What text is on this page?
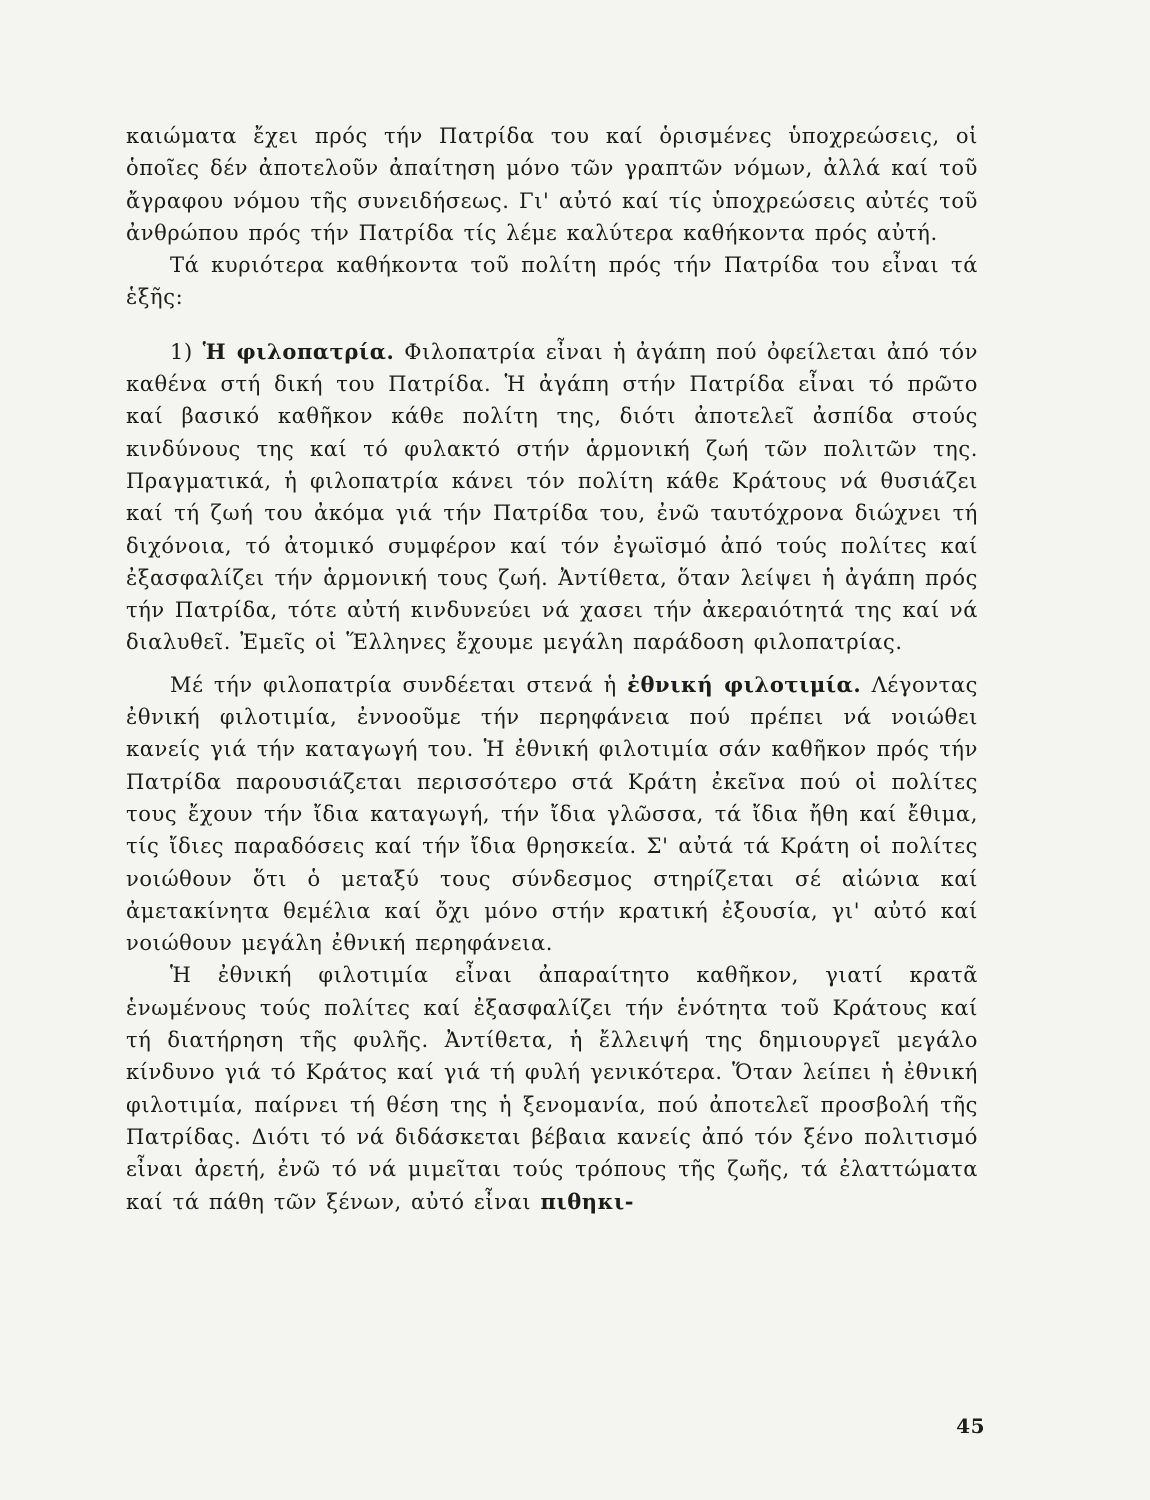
καιώματα ἔχει πρός τήν Πατρίδα του καί ὁρισμένες ὑποχρεώσεις, οἱ ὁποῖες δέν ἀποτελοῦν ἀπαίτηση μόνο τῶν γραπτῶν νόμων, ἀλλά καί τοῦ ἄγραφου νόμου τῆς συνειδήσεως. Γι' αὐτό καί τίς ὑποχρεώσεις αὐτές τοῦ ἀνθρώπου πρός τήν Πατρίδα τίς λέμε καλύτερα καθήκοντα πρός αὐτή.

Τά κυριότερα καθήκοντα τοῦ πολίτη πρός τήν Πατρίδα του εἶναι τά ἑξῆς:

1) Ἡ φιλοπατρία. Φιλοπατρία εἶναι ἡ ἀγάπη πού ὀφείλεται ἀπό τόν καθένα στή δική του Πατρίδα. Ἡ ἀγάπη στήν Πατρίδα εἶναι τό πρῶτο καί βασικό καθῆκον κάθε πολίτη της, διότι ἀποτελεῖ ἀσπίδα στούς κινδύνους της καί τό φυλακτό στήν ἁρμονική ζωή τῶν πολιτῶν της. Πραγματικά, ἡ φιλοπατρία κάνει τόν πολίτη κάθε Κράτους νά θυσιάζει καί τή ζωή του ἀκόμα γιά τήν Πατρίδα του, ἐνῶ ταυτόχρονα διώχνει τή διχόνοια, τό ἀτομικό συμφέρον καί τόν ἐγωϊσμό ἀπό τούς πολίτες καί ἐξασφαλίζει τήν ἁρμονική τους ζωή. Ἀντίθετα, ὅταν λείψει ἡ ἀγάπη πρός τήν Πατρίδα, τότε αὐτή κινδυνεύει νά χασει τήν ἀκεραιότητά της καί νά διαλυθεῖ. Ἐμεῖς οἱ Ἕλληνες ἔχουμε μεγάλη παράδοση φιλοπατρίας.

Μέ τήν φιλοπατρία συνδέεται στενά ἡ ἐθνική φιλοτιμία. Λέγοντας ἐθνική φιλοτιμία, ἐννοοῦμε τήν περηφάνεια πού πρέπει νά νοιώθει κανείς γιά τήν καταγωγή του. Ἡ ἐθνική φιλοτιμία σάν καθῆκον πρός τήν Πατρίδα παρουσιάζεται περισσότερο στά Κράτη ἐκεῖνα πού οἱ πολίτες τους ἔχουν τήν ἴδια καταγωγή, τήν ἴδια γλῶσσα, τά ἴδια ἤθη καί ἔθιμα, τίς ἴδιες παραδόσεις καί τήν ἴδια θρησκεία. Σ' αὐτά τά Κράτη οἱ πολίτες νοιώθουν ὅτι ὁ μεταξύ τους σύνδεσμος στηρίζεται σέ αἰώνια καί ἀμετακίνητα θεμέλια καί ὄχι μόνο στήν κρατική ἐξουσία, γι' αὐτό καί νοιώθουν μεγάλη ἐθνική περηφάνεια.

Ἡ ἐθνική φιλοτιμία εἶναι ἀπαραίτητο καθῆκον, γιατί κρατᾶ ἑνωμένους τούς πολίτες καί ἐξασφαλίζει τήν ἑνότητα τοῦ Κράτους καί τή διατήρηση τῆς φυλῆς. Ἀντίθετα, ἡ ἔλλειψή της δημιουργεῖ μεγάλο κίνδυνο γιά τό Κράτος καί γιά τή φυλή γενικότερα. Ὅταν λείπει ἡ ἐθνική φιλοτιμία, παίρνει τή θέση της ἡ ξενομανία, πού ἀποτελεῖ προσβολή τῆς Πατρίδας. Διότι τό νά διδάσκεται βέβαια κανείς ἀπό τόν ξένο πολιτισμό εἶναι ἀρετή, ἐνῶ τό νά μιμεῖται τούς τρόπους τῆς ζωῆς, τά ἐλαττώματα καί τά πάθη τῶν ξένων, αὐτό εἶναι πιθηκι-

45
